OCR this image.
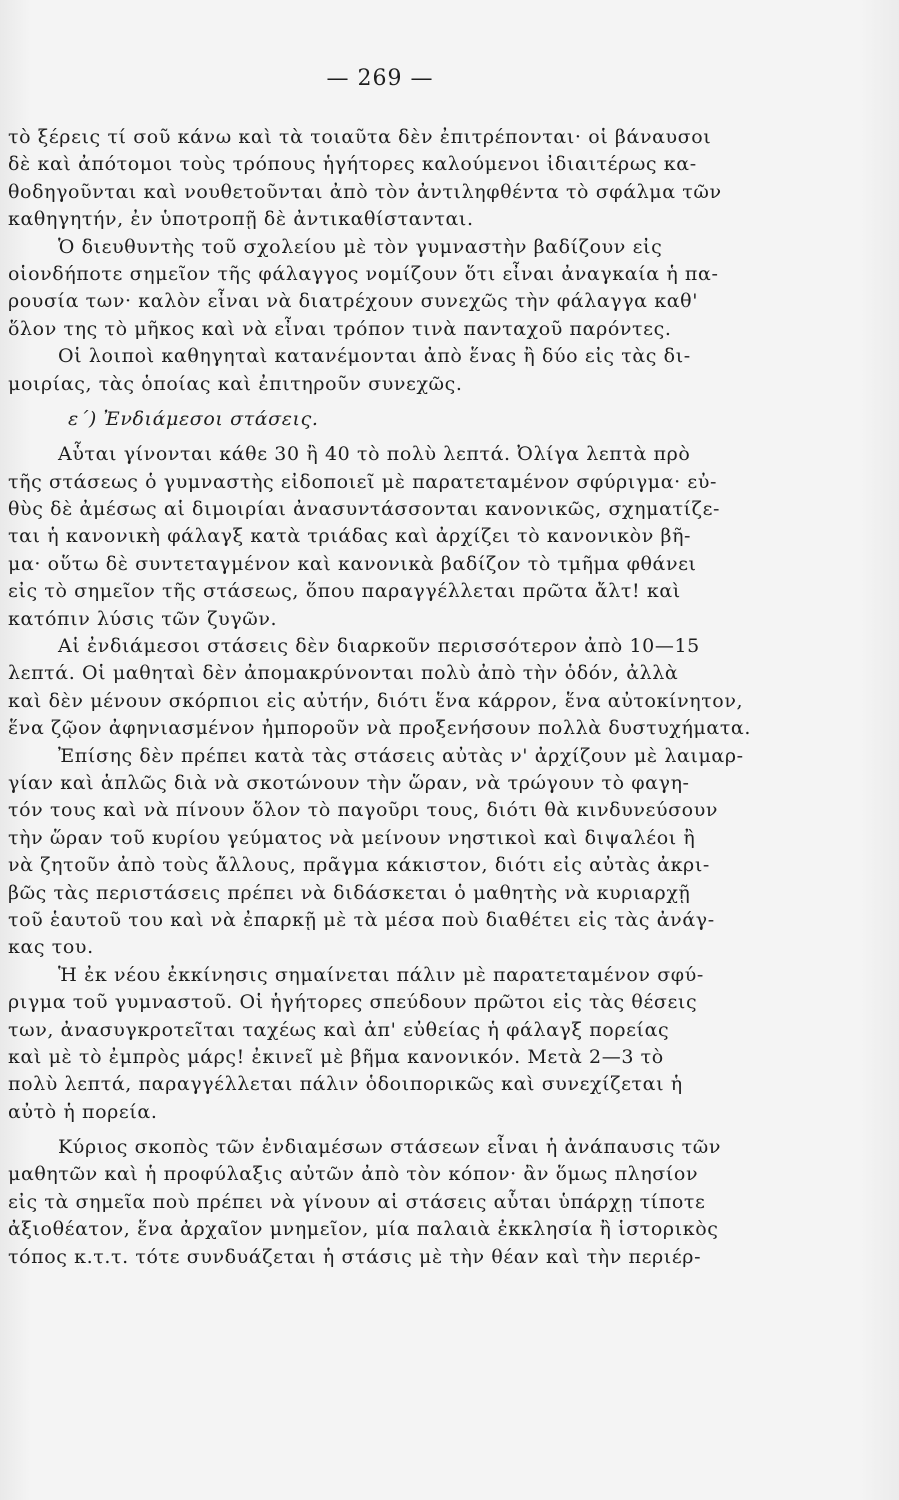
— 269 —
τὸ ξέρεις τί σοῦ κάνω καὶ τὰ τοιαῦτα δὲν ἐπιτρέπονται· οἱ βάναυσοι
δὲ καὶ ἀπότομοι τοὺς τρόπους ἡγήτορες καλούμενοι ἰδιαιτέρως κα-
θοδηγοῦνται καὶ νουθετοῦνται ἀπὸ τὸν ἀντιληφθέντα τὸ σφάλμα τῶν
καθηγητήν, ἐν ὑποτροπῇ δὲ ἀντικαθίστανται.
Ὁ διευθυντὴς τοῦ σχολείου μὲ τὸν γυμναστὴν βαδίζουν εἰς
οἱονδήποτε σημεῖον τῆς φάλαγγος νομίζουν ὅτι εἶναι ἀναγκαία ἡ πα-
ρουσία των· καλὸν εἶναι νὰ διατρέχουν συνεχῶς τὴν φάλαγγα καθ'
ὅλον της τὸ μῆκος καὶ νὰ εἶναι τρόπον τινὰ πανταχοῦ παρόντες.
Οἱ λοιποὶ καθηγηταὶ κατανέμονται ἀπὸ ἕνας ἢ δύο εἰς τὰς δι-
μοιρίας, τὰς ὁποίας καὶ ἐπιτηροῦν συνεχῶς.
ε΄) Ἐνδιάμεσοι στάσεις.
Αὗται γίνονται κάθε 30 ἢ 40 τὸ πολὺ λεπτά. Ὀλίγα λεπτὰ πρὸ
τῆς στάσεως ὁ γυμναστὴς εἰδοποιεῖ μὲ παρατεταμένον σφύριγμα· εὐ-
θὺς δὲ ἀμέσως αἱ διμοιρίαι ἀνασυντάσσονται κανονικῶς, σχηματίζε-
ται ἡ κανονικὴ φάλαγξ κατὰ τριάδας καὶ ἀρχίζει τὸ κανονικὸν βῆ-
μα· οὕτω δὲ συντεταγμένον καὶ κανονικὰ βαδίζον τὸ τμῆμα φθάνει
εἰς τὸ σημεῖον τῆς στάσεως, ὅπου παραγγέλλεται πρῶτα ἄλτ! καὶ
κατόπιν λύσις τῶν ζυγῶν.
Αἱ ἐνδιάμεσοι στάσεις δὲν διαρκοῦν περισσότερον ἀπὸ 10—15
λεπτά. Οἱ μαθηταὶ δὲν ἀπομακρύνονται πολὺ ἀπὸ τὴν ὁδόν, ἀλλὰ
καὶ δὲν μένουν σκόρπιοι εἰς αὐτήν, διότι ἕνα κάρρον, ἕνα αὐτοκίνητον,
ἕνα ζῷον ἀφηνιασμένον ἠμποροῦν νὰ προξενήσουν πολλὰ δυστυχήματα.
Ἐπίσης δὲν πρέπει κατὰ τὰς στάσεις αὐτὰς ν' ἀρχίζουν μὲ λαιμαρ-
γίαν καὶ ἁπλῶς διὰ νὰ σκοτώνουν τὴν ὥραν, νὰ τρώγουν τὸ φαγη-
τόν τους καὶ νὰ πίνουν ὅλον τὸ παγοῦρι τους, διότι θὰ κινδυνεύσουν
τὴν ὥραν τοῦ κυρίου γεύματος νὰ μείνουν νηστικοὶ καὶ διψαλέοι ἢ
νὰ ζητοῦν ἀπὸ τοὺς ἄλλους, πρᾶγμα κάκιστον, διότι εἰς αὐτὰς ἀκρι-
βῶς τὰς περιστάσεις πρέπει νὰ διδάσκεται ὁ μαθητὴς νὰ κυριαρχῇ
τοῦ ἑαυτοῦ του καὶ νὰ ἐπαρκῇ μὲ τὰ μέσα ποὺ διαθέτει εἰς τὰς ἀνάγ-
κας του.
Ἡ ἐκ νέου ἐκκίνησις σημαίνεται πάλιν μὲ παρατεταμένον σφύ-
ριγμα τοῦ γυμναστοῦ. Οἱ ἡγήτορες σπεύδουν πρῶτοι εἰς τὰς θέσεις
των, ἀνασυγκροτεῖται ταχέως καὶ ἀπ' εὐθείας ἡ φάλαγξ πορείας
καὶ μὲ τὸ ἐμπρὸς μάρς! ἐκινεῖ μὲ βῆμα κανονικόν. Μετὰ 2—3 τὸ
πολὺ λεπτά, παραγγέλλεται πάλιν ὁδοιπορικῶς καὶ συνεχίζεται ἡ
αὐτὸ ἡ πορεία.
Κύριος σκοπὸς τῶν ἐνδιαμέσων στάσεων εἶναι ἡ ἀνάπαυσις τῶν
μαθητῶν καὶ ἡ προφύλαξις αὐτῶν ἀπὸ τὸν κόπον· ἂν ὅμως πλησίον
εἰς τὰ σημεῖα ποὺ πρέπει νὰ γίνουν αἱ στάσεις αὗται ὑπάρχῃ τίποτε
ἀξιοθέατον, ἕνα ἀρχαῖον μνημεῖον, μία παλαιὰ ἐκκλησία ἢ ἱστορικὸς
τόπος κ.τ.τ. τότε συνδυάζεται ἡ στάσις μὲ τὴν θέαν καὶ τὴν περιέρ-
